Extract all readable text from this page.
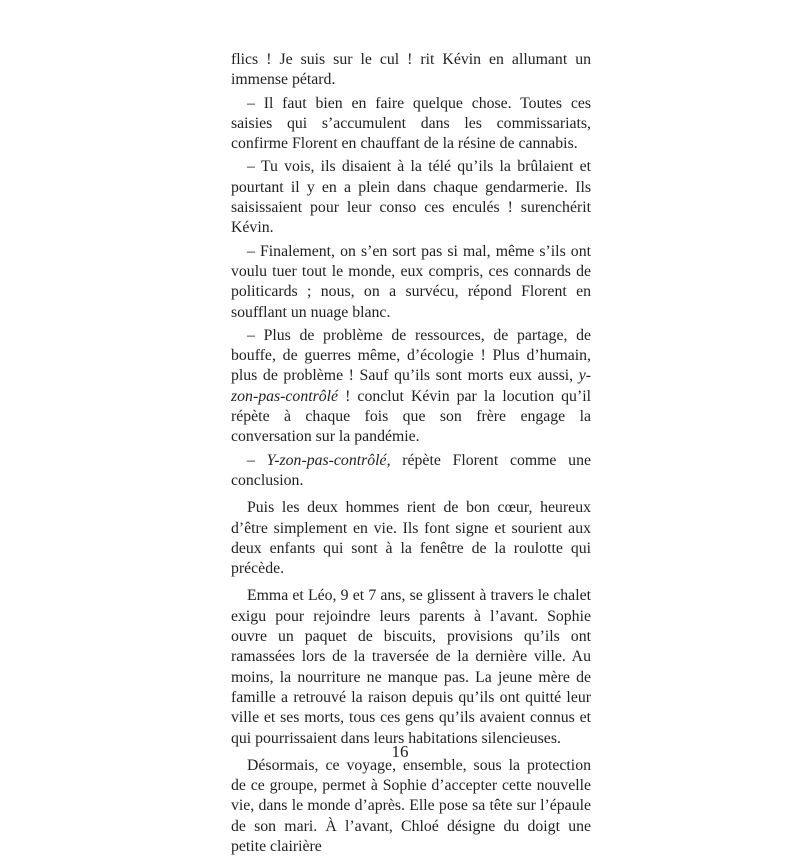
flics ! Je suis sur le cul ! rit Kévin en allumant un immense pétard.

– Il faut bien en faire quelque chose. Toutes ces saisies qui s’accumulent dans les commissariats, confirme Florent en chauffant de la résine de cannabis.

– Tu vois, ils disaient à la télé qu’ils la brûlaient et pourtant il y en a plein dans chaque gendarmerie. Ils saisissaient pour leur conso ces enculés ! surenchérit Kévin.

– Finalement, on s’en sort pas si mal, même s’ils ont voulu tuer tout le monde, eux compris, ces connards de politicards ; nous, on a survécu, répond Florent en soufflant un nuage blanc.

– Plus de problème de ressources, de partage, de bouffe, de guerres même, d’écologie ! Plus d’humain, plus de problème ! Sauf qu’ils sont morts eux aussi, y-zon-pas-contrôlé ! conclut Kévin par la locution qu’il répète à chaque fois que son frère engage la conversation sur la pandémie.

– Y-zon-pas-contrôlé, répète Florent comme une conclusion.

Puis les deux hommes rient de bon cœur, heureux d’être simplement en vie. Ils font signe et sourient aux deux enfants qui sont à la fenêtre de la roulotte qui précède.

Emma et Léo, 9 et 7 ans, se glissent à travers le chalet exigu pour rejoindre leurs parents à l’avant. Sophie ouvre un paquet de biscuits, provisions qu’ils ont ramassées lors de la traversée de la dernière ville. Au moins, la nourriture ne manque pas. La jeune mère de famille a retrouvé la raison depuis qu’ils ont quitté leur ville et ses morts, tous ces gens qu’ils avaient connus et qui pourrissaient dans leurs habitations silencieuses.

Désormais, ce voyage, ensemble, sous la protection de ce groupe, permet à Sophie d’accepter cette nouvelle vie, dans le monde d’après. Elle pose sa tête sur l’épaule de son mari. À l’avant, Chloé désigne du doigt une petite clairière

16
